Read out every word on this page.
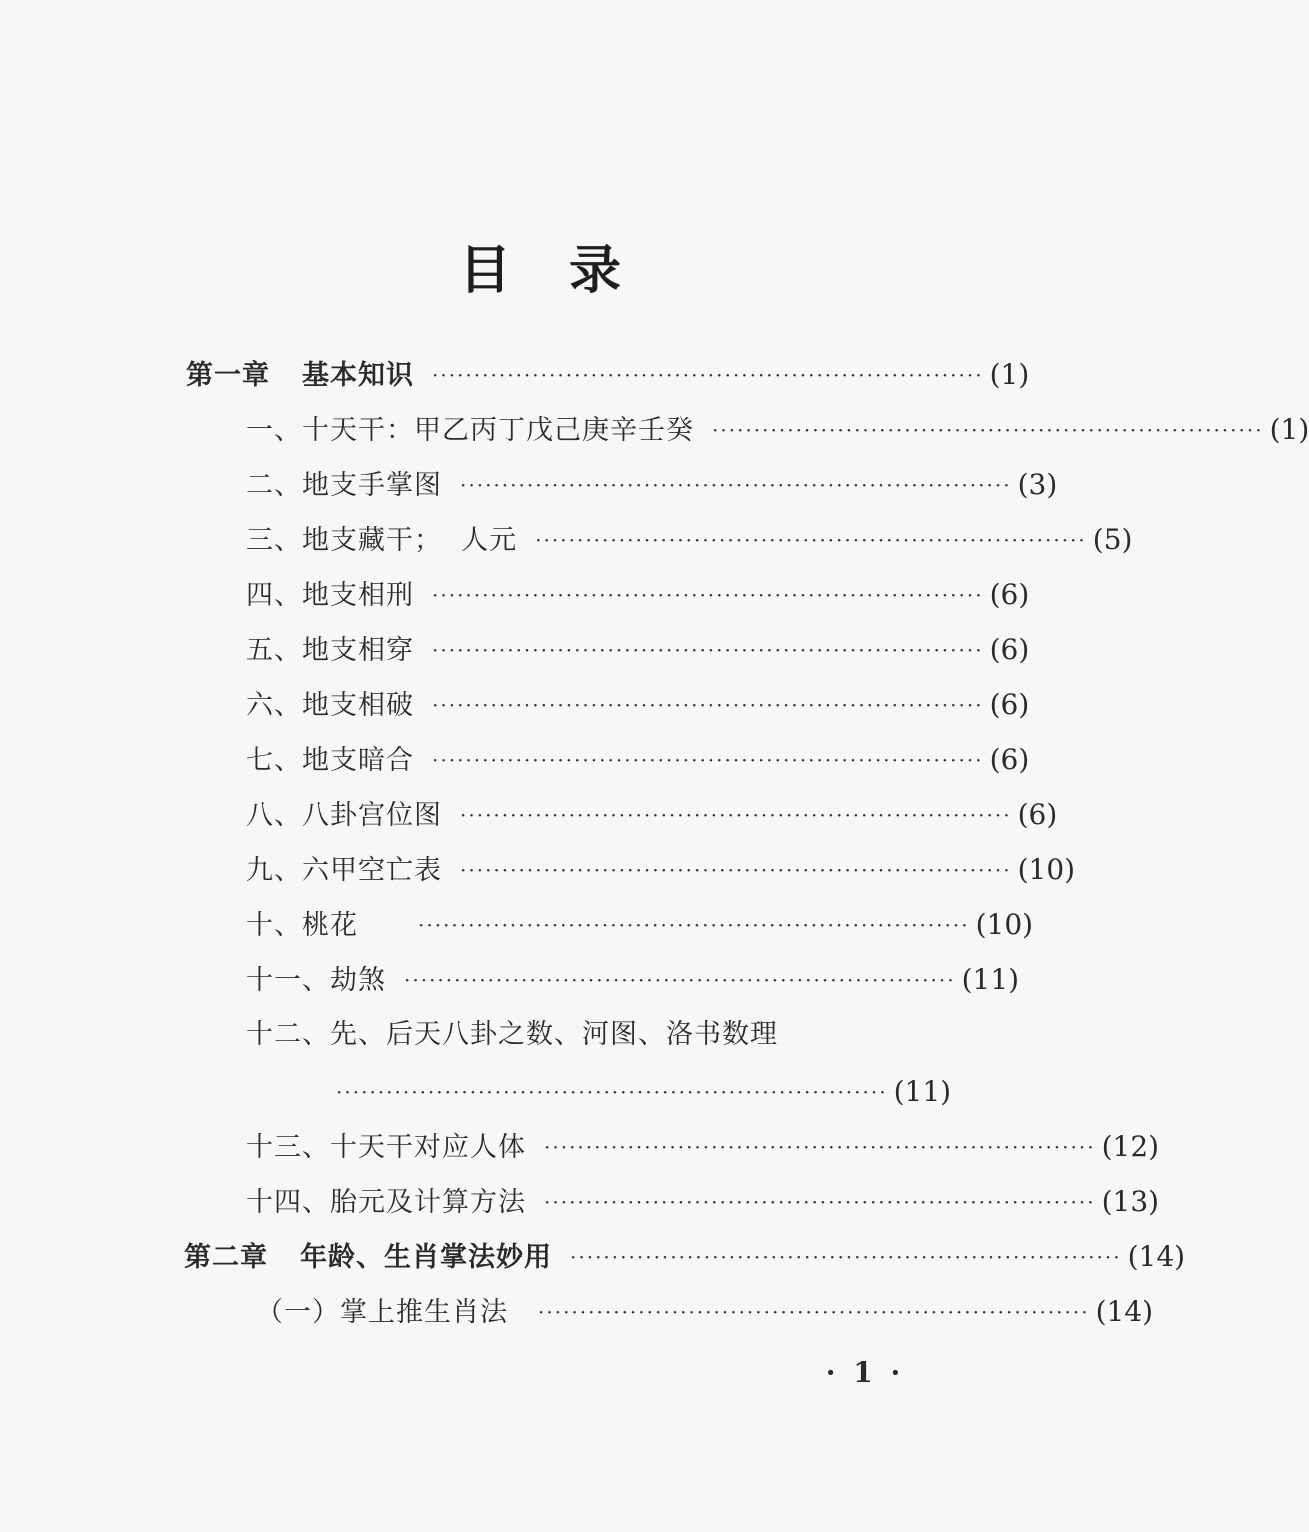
目 录
第一章 基本知识 ·································································· (1)
一、十天干：甲乙丙丁戊己庚辛壬癸 ·································································· (1)
二、地支手掌图 ·································································· (3)
三、地支藏干；  人元 ·································································· (5)
四、地支相刑 ·································································· (6)
五、地支相穿 ·································································· (6)
六、地支相破 ·································································· (6)
七、地支暗合 ·································································· (6)
八、八卦宫位图 ·································································· (6)
九、六甲空亡表 ·································································· (10)
十、桃花	·································································· (10)
十一、劫煞 ·································································· (11)
十二、先、后天八卦之数、河图、洛书数理
·································································· (11)
十三、十天干对应人体 ·································································· (12)
十四、胎元及计算方法 ·································································· (13)
第二章 年龄、生肖掌法妙用 ·································································· (14)
（一）掌上推生肖法 ·································································· (14)
· 1 ·
